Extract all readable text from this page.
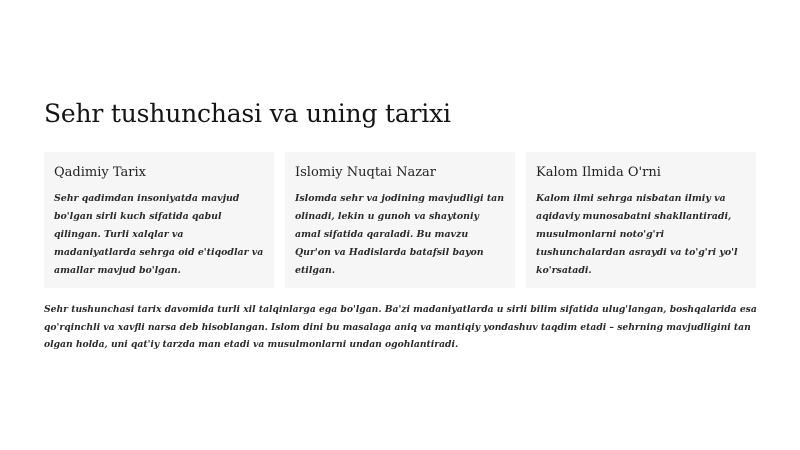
Sehr tushunchasi va uning tarixi
Qadimiy Tarix

Sehr qadimdan insoniyatda mavjud bo'lgan sirli kuch sifatida qabul qilingan. Turli xalqlar va madaniyatlarda sehrga oid e'tiqodlar va amallar mavjud bo'lgan.

Islomiy Nuqtai Nazar

Islomda sehr va jodining mavjudligi tan olinadi, lekin u gunoh va shaytoniy amal sifatida qaraladi. Bu mavzu Qur'on va Hadislarda batafsil bayon etilgan.

Kalom Ilmida O'rni

Kalom ilmi sehrga nisbatan ilmiy va aqidaviy munosabatni shakllantiradi, musulmonlarni noto'g'ri tushunchalardan asraydi va to'g'ri yo'l ko'rsatadi.

Sehr tushunchasi tarix davomida turli xil talqinlarga ega bo'lgan. Ba'zi madaniyatlarda u sirli bilim sifatida ulug'langan, boshqalarida esa qo'rqinchli va xavfli narsa deb hisoblangan. Islom dini bu masalaga aniq va mantiqiy yondashuv taqdim etadi – sehrning mavjudligini tan olgan holda, uni qat'iy tarzda man etadi va musulmonlarni undan ogohlantiradi.
